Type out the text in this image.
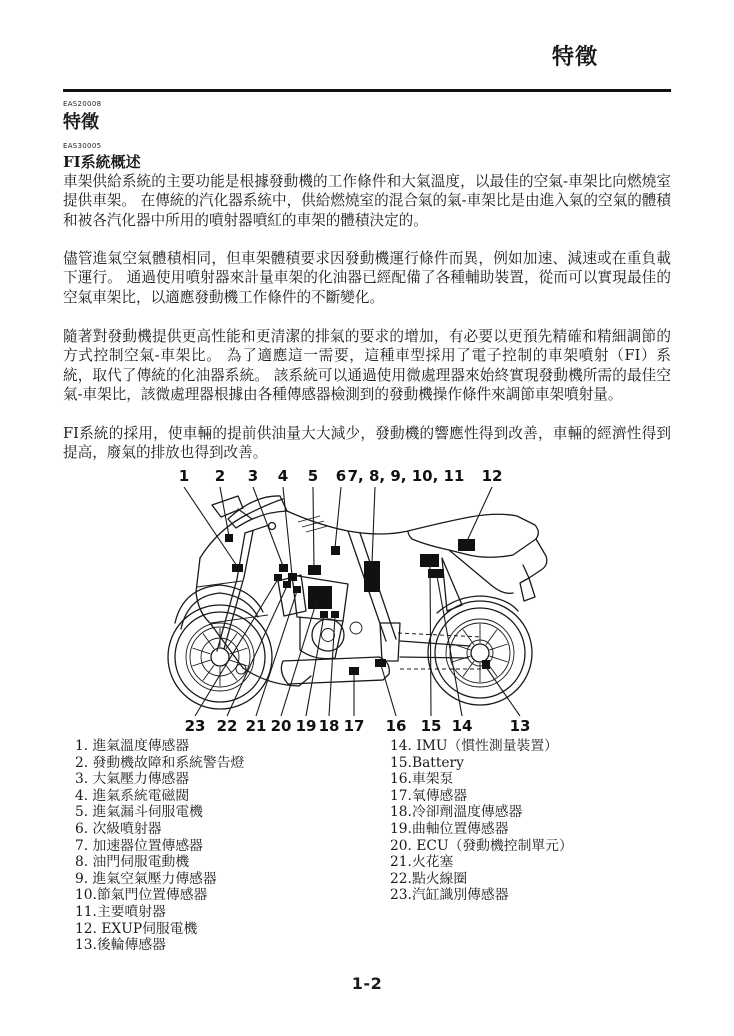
特徵
EAS20008
特徵
EAS30005
FI系統概述
車架供給系統的主要功能是根據發動機的工作條件和大氣溫度，以最佳的空氣-車架比向燃燒室提供車架。 在傳統的汽化器系統中，供給燃燒室的混合氣的氣-車架比是由進入氣的空氣的體積和被各汽化器中所用的噴射器噴紅的車架的體積決定的。
儘管進氣空氣體積相同，但車架體積要求因發動機運行條件而異，例如加速、減速或在重負載下運行。 通過使用噴射器來計量車架的化油器已經配備了各種輔助裝置，從而可以實現最佳的空氣車架比，以適應發動機工作條件的不斷變化。
隨著對發動機提供更高性能和更清潔的排氣的要求的增加，有必要以更預先精確和精細調節的方式控制空氣-車架比。 為了適應這一需要，這種車型採用了電子控制的車架噴射（FI）系統，取代了傳統的化油器系統。 該系統可以通過使用微處理器來始終實現發動機所需的最佳空氣-車架比，該微處理器根據由各種傳感器檢測到的發動機操作條件來調節車架噴射量。
FI系統的採用，使車輛的提前供油量大大減少，發動機的響應性得到改善，車輛的經濟性得到提高，廢氣的排放也得到改善。
1 2 3 4 5 6 7, 8, 9, 10, 11 12
23 22 21 20 19 18 17 16 15 14 13
1. 進氣溫度傳感器
2. 發動機故障和系統警告燈
3. 大氣壓力傳感器
4. 進氣系統電磁閥
5. 進氣漏斗伺服電機
6. 次級噴射器
7. 加速器位置傳感器
8. 油門伺服電動機
9. 進氣空氣壓力傳感器
10.節氣門位置傳感器
11.主要噴射器
12. EXUP伺服電機
13.後輪傳感器
14. IMU（慣性測量裝置）
15.Battery
16.車架泵
17.氧傳感器
18.冷卻劑溫度傳感器
19.曲軸位置傳感器
20. ECU（發動機控制單元）
21.火花塞
22.點火線圈
23.汽缸識別傳感器
1-2
